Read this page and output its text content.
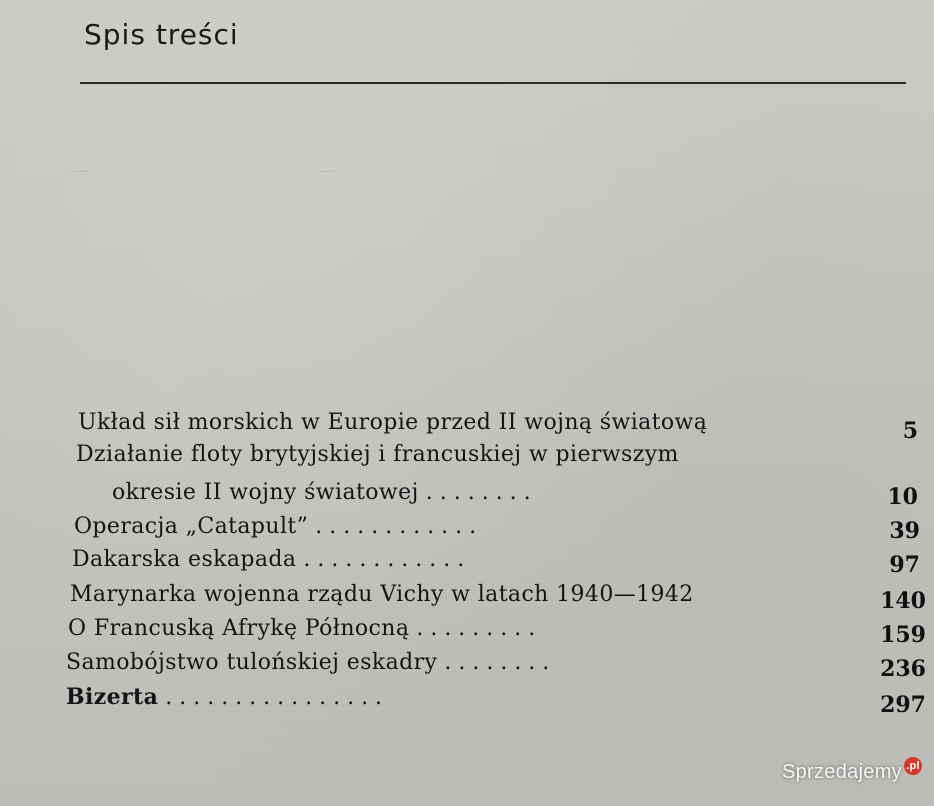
—                                        —
Spis treści
Układ sił morskich w Europie przed II wojną światową	5
Działanie floty brytyjskiej i francuskiej w pierwszym
okresie II wojny światowej . . . . . . . .	10
Operacja „Catapult” . . . . . . . . . . . .	39
Dakarska eskapada . . . . . . . . . . . .	97
Marynarka wojenna rządu Vichy w latach 1940—1942	140
O Francuską Afrykę Północną . . . . . . . . .	159
Samobójstwo tulońskiej eskadry . . . . . . . .	236
Bizerta . . . . . . . . . . . . . . . .	297
Sprzedajemy .pl
